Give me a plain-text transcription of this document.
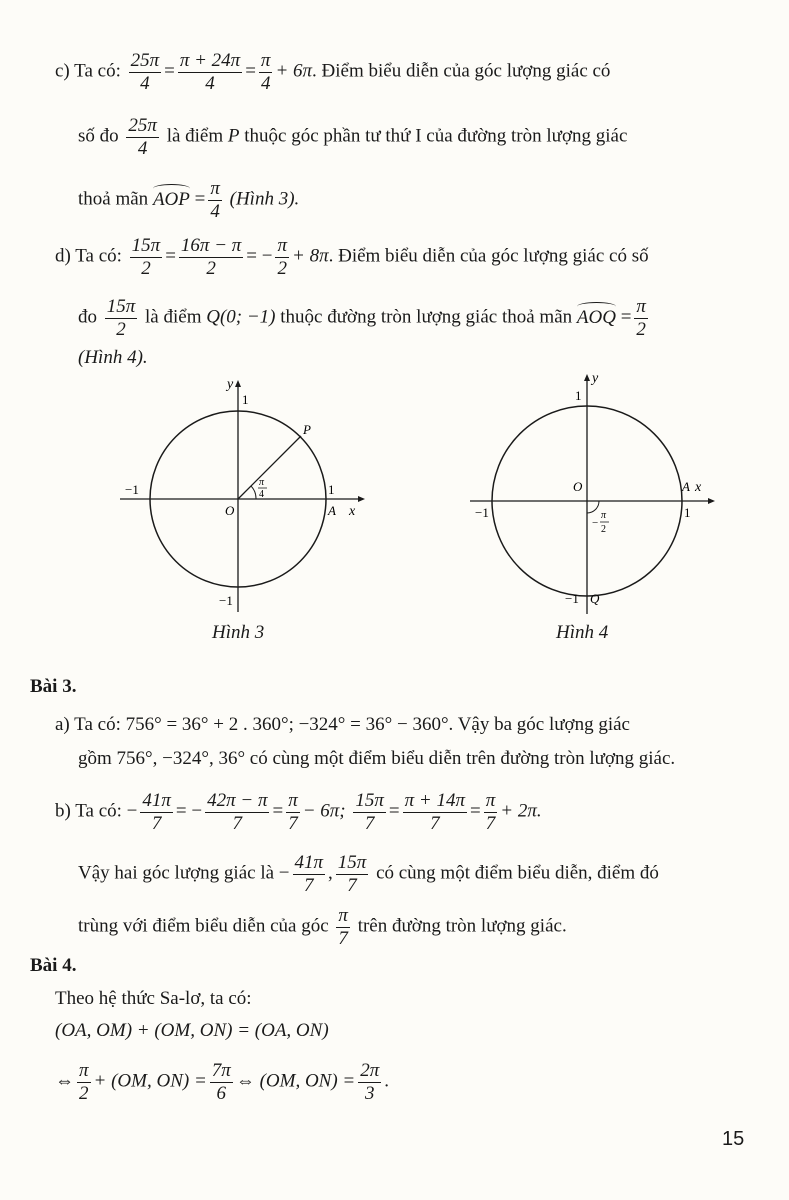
c) Ta có: $\frac{25\pi}{4} = \frac{\pi + 24\pi}{4} = \frac{\pi}{4} + 6\pi$. Điểm biểu diễn của góc lượng giác có
số đo $\frac{25\pi}{4}$ là điểm P thuộc góc phần tư thứ I của đường tròn lượng giác
thoả mãn AOP = $\frac{\pi}{4}$ (Hình 3).
d) Ta có: $\frac{15\pi}{2} = \frac{16\pi - \pi}{2}$ = − $\frac{\pi}{2} + 8\pi$. Điểm biểu diễn của góc lượng giác có số
đo $\frac{15\pi}{2}$ là điểm Q(0; −1) thuộc đường tròn lượng giác thoả mãn AOQ = $\frac{\pi}{2}$
(Hình 4).
y
x
1
−1	1
A
O
−1
P
π
4
Hình 3
y
x
1
−1	1
A
O
−1 Q
−
π
2
Hình 4
Bài 3.
a) Ta có: 756° = 36° + 2 . 360°; −324° = 36° − 360°. Vậy ba góc lượng giác
gồm 756°, −324°, 36° có cùng một điểm biểu diễn trên đường tròn lượng giác.
b) Ta có: − $\frac{41\pi}{7}$ = − $\frac{42\pi - \pi}{7} = \frac{\pi}{7} - 6\pi$; $\frac{15\pi}{7} = \frac{\pi + 14\pi}{7} = \frac{\pi}{7} + 2\pi$.
Vậy hai góc lượng giác là − $\frac{41\pi}{7}$ , $\frac{15\pi}{7}$ có cùng một điểm biểu diễn, điểm đó
trùng với điểm biểu diễn của góc $\frac{\pi}{7}$ trên đường tròn lượng giác.
Bài 4.
Theo hệ thức Sa-lơ, ta có:
(OA, OM) + (OM, ON) = (OA, ON)
⇔ $\frac{\pi}{2} + (OM$, $ON) = \frac{7\pi}{6}$ ⇔ (OM, $ON) = \frac{2\pi}{3}$ .
15
